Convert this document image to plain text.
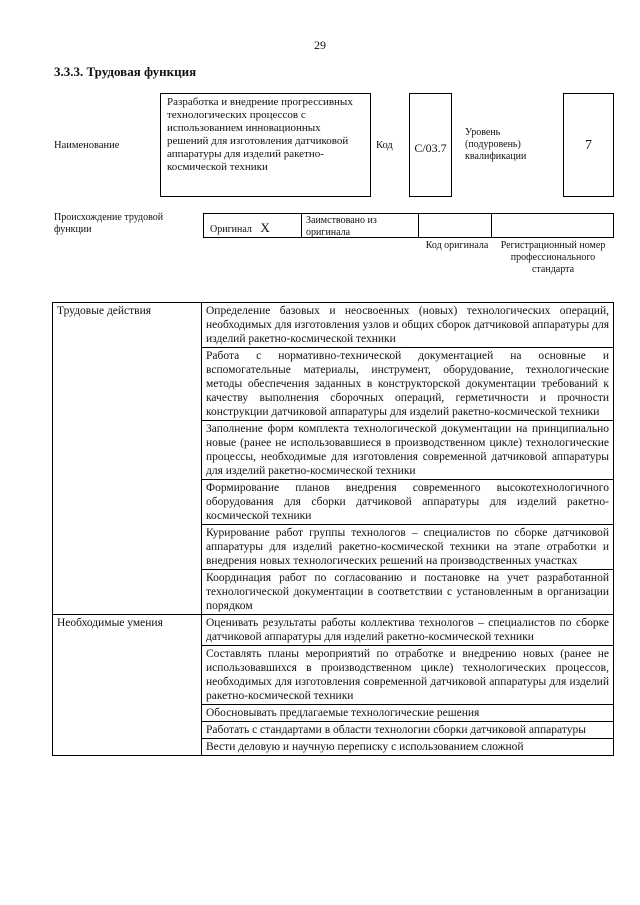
29
3.3.3. Трудовая функция
Наименование
Разработка и внедрение прогрессивных технологических процессов с использованием инновационных решений для изготовления датчиковой аппаратуры для изделий ракетно-космической техники
Код	С/03.7
Уровень (подуровень) квалификации
7
Происхождение трудовой функции	Оригинал Х	Заимствовано из оригинала
Код оригинала	Регистрационный номер профессионального стандарта
Трудовые действия	Определение базовых и неосвоенных (новых) технологических операций, необходимых для изготовления узлов и общих сборок датчиковой аппаратуры для изделий ракетно-космической техники
	Работа с нормативно-технической документацией на основные и вспомогательные материалы, инструмент, оборудование, технологические методы обеспечения заданных в конструкторской документации требований к качеству выполнения сборочных операций, герметичности и прочности конструкции датчиковой аппаратуры для изделий ракетно-космической техники
	Заполнение форм комплекта технологической документации на принципиально новые (ранее не использовавшиеся в производственном цикле) технологические процессы, необходимые для изготовления современной датчиковой аппаратуры для изделий ракетно-космической техники
	Формирование планов внедрения современного высокотехнологичного оборудования для сборки датчиковой аппаратуры для изделий ракетно-космической техники
	Курирование работ группы технологов – специалистов по сборке датчиковой аппаратуры для изделий ракетно-космической техники на этапе отработки и внедрения новых технологических решений на производственных участках
	Координация работ по согласованию и постановке на учет разработанной технологической документации в соответствии с установленным в организации порядком
Необходимые умения	Оценивать результаты работы коллектива технологов – специалистов по сборке датчиковой аппаратуры для изделий ракетно-космической техники
	Составлять планы мероприятий по отработке и внедрению новых (ранее не использовавшихся в производственном цикле) технологических процессов, необходимых для изготовления современной датчиковой аппаратуры для изделий ракетно-космической техники
	Обосновывать предлагаемые технологические решения
	Работать с стандартами в области технологии сборки датчиковой аппаратуры
	Вести деловую и научную переписку с использованием сложной
